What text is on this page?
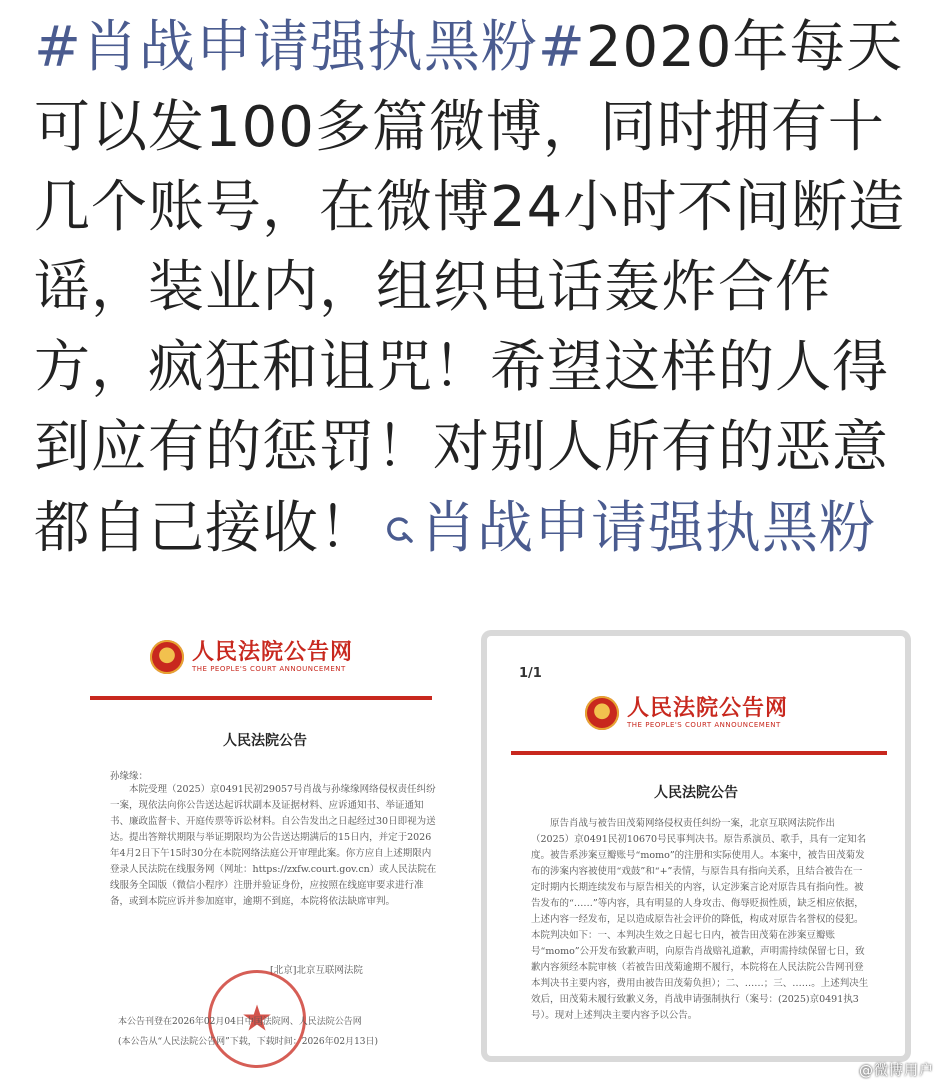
#肖战申请强执黑粉#2020年每天可以发100多篇微博，同时拥有十几个账号，在微博24小时不间断造谣，装业内，组织电话轰炸合作方，疯狂和诅咒！希望这样的人得到应有的惩罚！对别人所有的恶意都自己接收！ 肖战申请强执黑粉
人民法院公告网
THE PEOPLE'S COURT ANNOUNCEMENT
人民法院公告
孙缘缘：
本院受理（2025）京0491民初29057号肖战与孙缘缘网络侵权责任纠纷一案，现依法向你公告送达起诉状副本及证据材料、应诉通知书、举证通知书、廉政监督卡、开庭传票等诉讼材料。自公告发出之日起经过30日即视为送达。提出答辩状期限与举证期限均为公告送达期满后的15日内，并定于2026年4月2日下午15时30分在本院网络法庭公开审理此案。你方应自上述期限内登录人民法院在线服务网（网址：https://zxfw.court.gov.cn）或人民法院在线服务全国版（微信小程序）注册并验证身份，应按照在线庭审要求进行准备，或到本院应诉并参加庭审，逾期不到庭，本院将依法缺席审判。
[北京]北京互联网法院
★
本公告刊登在2026年02月04日中国法院网、人民法院公告网
(本公告从“人民法院公告网”下载，下载时间：2026年02月13日)
1/1
人民法院公告网
THE PEOPLE'S COURT ANNOUNCEMENT
人民法院公告
原告肖战与被告田茂菊网络侵权责任纠纷一案，北京互联网法院作出（2025）京0491民初10670号民事判决书。原告系演员、歌手，具有一定知名度。被告系涉案豆瓣账号“momo”的注册和实际使用人。本案中，被告田茂菊发布的涉案内容被使用“戏鼓”和“+”表情，与原告具有指向关系，且结合被告在一定时期内长期连续发布与原告相关的内容，认定涉案言论对原告具有指向性。被告发布的“……”等内容，具有明显的人身攻击、侮辱贬损性质，缺乏相应依据，上述内容一经发布，足以造成原告社会评价的降低，构成对原告名誉权的侵犯。本院判决如下：一、本判决生效之日起七日内，被告田茂菊在涉案豆瓣账号“momo”公开发布致歉声明，向原告肖战赔礼道歉，声明需持续保留七日，致歉内容须经本院审核（若被告田茂菊逾期不履行，本院将在人民法院公告网刊登本判决书主要内容，费用由被告田茂菊负担）；二、……；三、……。上述判决生效后，田茂菊未履行致歉义务，肖战申请强制执行（案号：(2025)京0491执3号）。现对上述判决主要内容予以公告。
@微博用户
